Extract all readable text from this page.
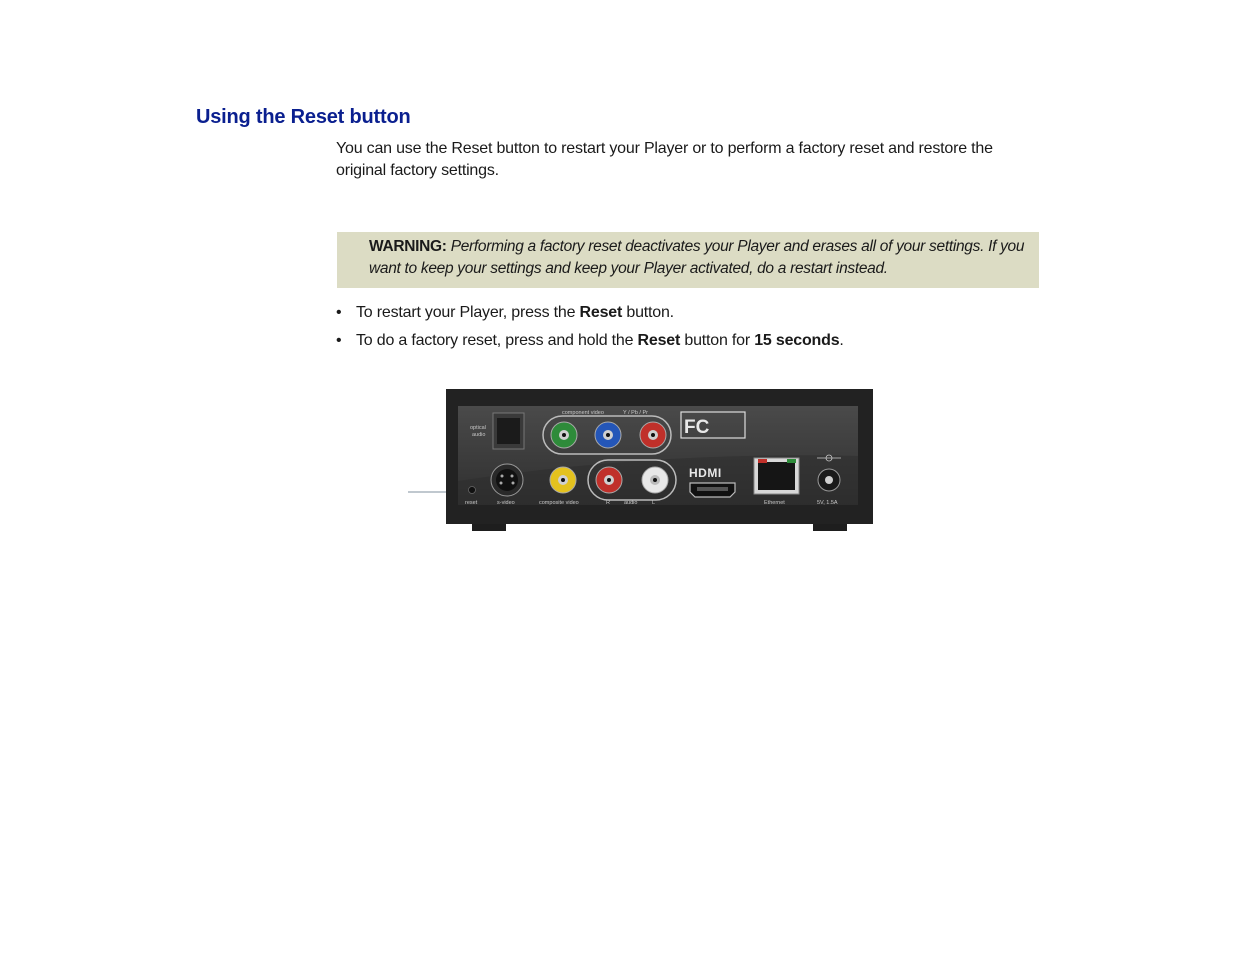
Using the Reset button
You can use the Reset button to restart your Player or to perform a factory reset and restore the original factory settings.
WARNING: Performing a factory reset deactivates your Player and erases all of your settings. If you want to keep your settings and keep your Player activated, do a restart instead.
• To restart your Player, press the Reset button.
• To do a factory reset, press and hold the Reset button for 15 seconds.
optical
audio
component video	Y / Pb / Pr
FC
reset	s-video	composite video	R	audio	L
HDMI
Ethernet	5V, 1.5A
